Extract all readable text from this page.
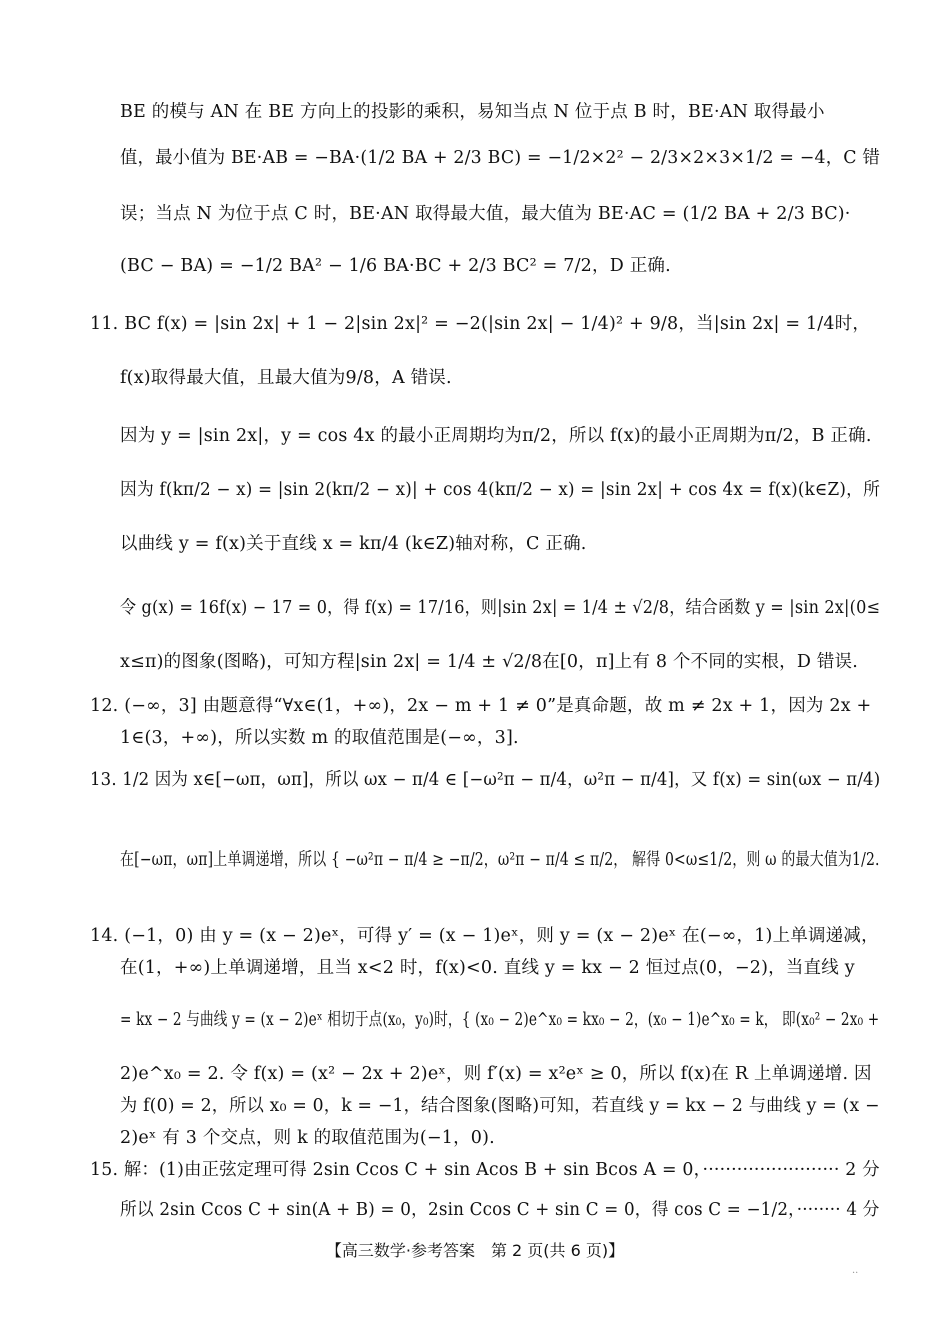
BE 的模与 AN 在 BE 方向上的投影的乘积，易知当点 N 位于点 B 时，BE·AN 取得最小
值，最小值为 BE·AB = −BA·(1/2 BA + 2/3 BC) = −1/2×2² − 2/3×2×3×1/2 = −4，C 错
误；当点 N 为位于点 C 时，BE·AN 取得最大值，最大值为 BE·AC = (1/2 BA + 2/3 BC)·
(BC − BA) = −1/2 BA² − 1/6 BA·BC + 2/3 BC² = 7/2，D 正确.
11. BC f(x) = |sin 2x| + 1 − 2|sin 2x|² = −2(|sin 2x| − 1/4)² + 9/8，当|sin 2x| = 1/4时，
f(x)取得最大值，且最大值为9/8，A 错误.
因为 y = |sin 2x|，y = cos 4x 的最小正周期均为π/2，所以 f(x)的最小正周期为π/2，B 正确.
因为 f(kπ/2 − x) = |sin 2(kπ/2 − x)| + cos 4(kπ/2 − x) = |sin 2x| + cos 4x = f(x)(k∈Z)，所
以曲线 y = f(x)关于直线 x = kπ/4 (k∈Z)轴对称，C 正确.
令 g(x) = 16f(x) − 17 = 0，得 f(x) = 17/16，则|sin 2x| = 1/4 ± √2/8，结合函数 y = |sin 2x|(0≤
x≤π)的图象(图略)，可知方程|sin 2x| = 1/4 ± √2/8在[0，π]上有 8 个不同的实根，D 错误.
12. (−∞，3] 由题意得“∀x∈(1，+∞)，2x − m + 1 ≠ 0”是真命题，故 m ≠ 2x + 1，因为 2x +
1∈(3，+∞)，所以实数 m 的取值范围是(−∞，3].
13. 1/2 因为 x∈[−ωπ，ωπ]，所以 ωx − π/4 ∈ [−ω²π − π/4，ω²π − π/4]，又 f(x) = sin(ωx − π/4)
在[−ωπ，ωπ]上单调递增，所以 { −ω²π − π/4 ≥ −π/2，ω²π − π/4 ≤ π/2， 解得 0<ω≤1/2，则 ω 的最大值为1/2.
14. (−1，0) 由 y = (x − 2)eˣ，可得 y′ = (x − 1)eˣ，则 y = (x − 2)eˣ 在(−∞，1)上单调递减，
在(1，+∞)上单调递增，且当 x<2 时，f(x)<0. 直线 y = kx − 2 恒过点(0，−2)，当直线 y
= kx − 2 与曲线 y = (x − 2)eˣ 相切于点(x₀，y₀)时，{ (x₀ − 2)e^x₀ = kx₀ − 2，(x₀ − 1)e^x₀ = k， 即(x₀² − 2x₀ +
2)e^x₀ = 2. 令 f(x) = (x² − 2x + 2)eˣ，则 f′(x) = x²eˣ ≥ 0，所以 f(x)在 R 上单调递增. 因
为 f(0) = 2，所以 x₀ = 0，k = −1，结合图象(图略)可知，若直线 y = kx − 2 与曲线 y = (x −
2)eˣ 有 3 个交点，则 k 的取值范围为(−1，0).
15. 解：(1)由正弦定理可得 2sin Ccos C + sin Acos B + sin Bcos A = 0，························ 2 分
所以 2sin Ccos C + sin(A + B) = 0，2sin Ccos C + sin C = 0，得 cos C = −1/2，········ 4 分
【高三数学·参考答案　第 2 页(共 6 页)】
··
